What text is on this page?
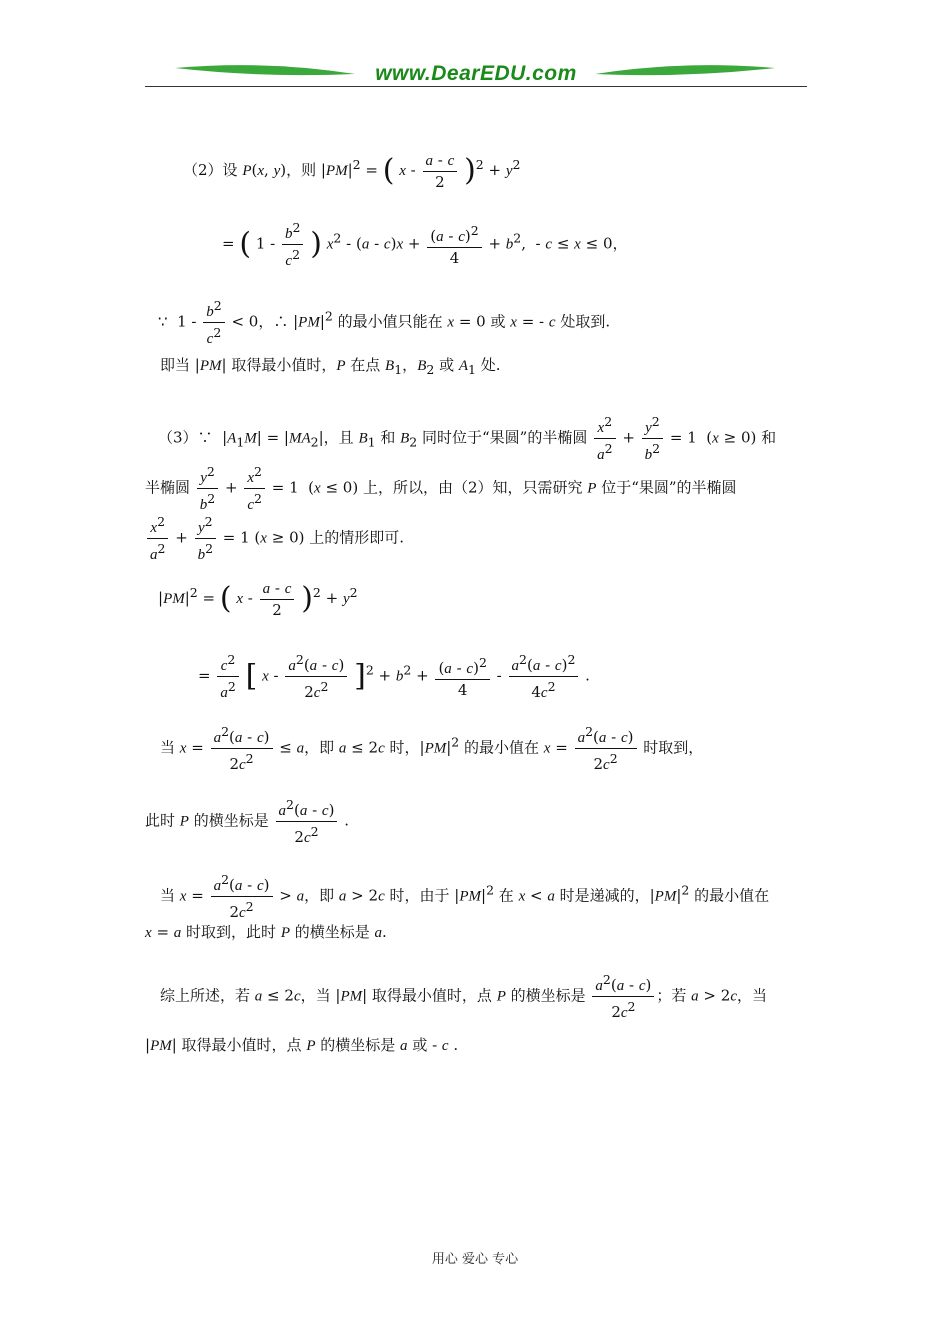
www.DearEDU.com
（2）设 P(x, y)，则 $|PM|^2$ = ( $x - \frac{a - c}{2} )^2 + y^2$
= ( $1 - \frac{b^2}{c^2}$ ) $x^2 - (a - c)x + \frac{(a - c)^2}{4} + b^2$,  - c ≤ x ≤ 0，
∵  $1 - \frac{b^2}{c^2} < 0$，∴ $|PM|^2$ 的最小值只能在 x = 0 或 x = - c 处取到.
即当 |PM| 取得最小值时，P 在点 $B_1$，$B_2$ 或 $A_1$ 处.
（3）∵  $|A_1M| = |MA_2|$，且 $B_1$ 和 $B_2$ 同时位于“果圆”的半椭圆 $\frac{x^2}{a^2} + \frac{y^2}{b^2} = 1$  (x ≥ 0) 和
半椭圆 $\frac{y^2}{b^2} + \frac{x^2}{c^2} = 1$  (x ≤ 0) 上，所以，由（2）知，只需研究 P 位于“果圆”的半椭圆
$\frac{x^2}{a^2} + \frac{y^2}{b^2} = 1$ (x ≥ 0) 上的情形即可.
$|PM|^2$ = ( $x - \frac{a - c}{2} )^2 + y^2$
= $\frac{c^2}{a^2}$ [ $x - \frac{a^2(a - c)}{2c^2} ]^2 + b^2 + \frac{(a - c)^2}{4} - \frac{a^2(a - c)^2}{4c^2}$ .
当 $x = \frac{a^2(a - c)}{2c^2} \le a$，即 a ≤ 2c 时，$|PM|^2$ 的最小值在 $x = \frac{a^2(a - c)}{2c^2}$ 时取到，
此时 P 的横坐标是 $\frac{a^2(a - c)}{2c^2}$ .
当 $x = \frac{a^2(a - c)}{2c^2} > a$，即 a > 2c 时，由于 $|PM|^2$ 在 x < a 时是递减的，$|PM|^2$ 的最小值在
x = a 时取到，此时 P 的横坐标是 a.
综上所述，若 a ≤ 2c，当 |PM| 取得最小值时，点 P 的横坐标是 $\frac{a^2(a - c)}{2c^2}$ ；若 a > 2c，当
|PM| 取得最小值时，点 P 的横坐标是 a 或 - c .
用心 爱心 专心
